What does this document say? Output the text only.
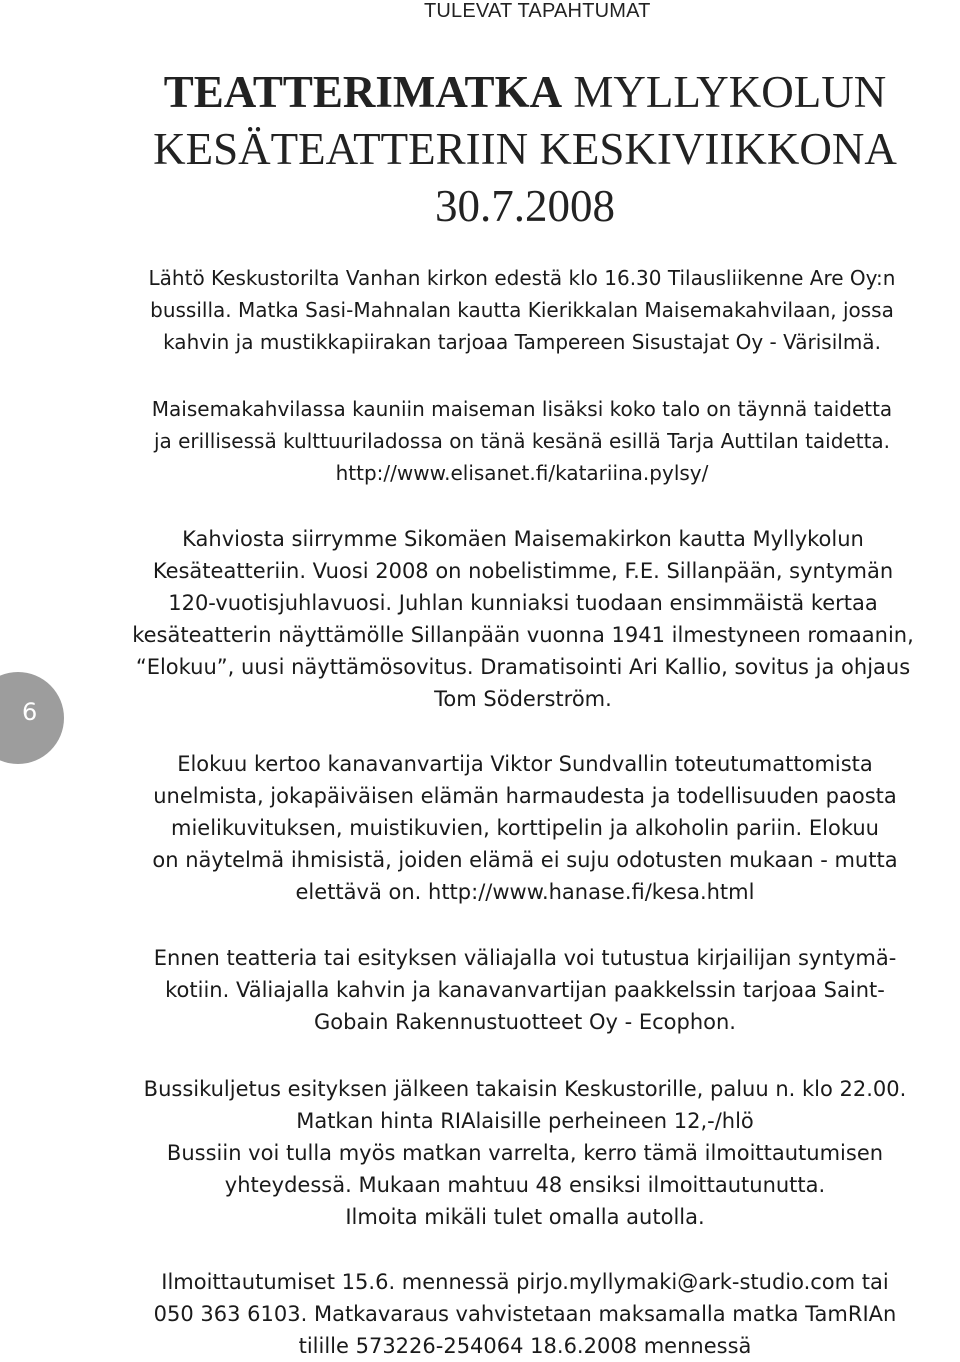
TULEVAT TAPAHTUMAT
TEATTERIMATKA MYLLYKOLUN
KESÄTEATTERIIN KESKIVIIKKONA
30.7.2008

Lähtö Keskustorilta Vanhan kirkon edestä klo 16.30 Tilausliikenne Are Oy:n
bussilla. Matka Sasi-Mahnalan kautta Kierikkalan Maisemakahvilaan, jossa
kahvin ja mustikkapiirakan tarjoaa Tampereen Sisustajat Oy - Värisilmä.

Maisemakahvilassa kauniin maiseman lisäksi koko talo on täynnä taidetta
ja erillisessä kulttuuriladossa on tänä kesänä esillä Tarja Auttilan taidetta.
http://www.elisanet.fi/katariina.pylsy/

Kahviosta siirrymme Sikomäen Maisemakirkon kautta Myllykolun
Kesäteatteriin. Vuosi 2008 on nobelistimme, F.E. Sillanpään, syntymän
120-vuotisjuhlavuosi. Juhlan kunniaksi tuodaan ensimmäistä kertaa
kesäteatterin näyttämölle Sillanpään vuonna 1941 ilmestyneen romaanin,
“Elokuu”, uusi näyttämösovitus. Dramatisointi Ari Kallio, sovitus ja ohjaus
Tom Söderström.

Elokuu kertoo kanavanvartija Viktor Sundvallin toteutumattomista
unelmista, jokapäiväisen elämän harmaudesta ja todellisuuden paosta
mielikuvituksen, muistikuvien, korttipelin ja alkoholin pariin. Elokuu
on näytelmä ihmisistä, joiden elämä ei suju odotusten mukaan - mutta
elettävä on. http://www.hanase.fi/kesa.html

Ennen teatteria tai esityksen väliajalla voi tutustua kirjailijan syntymä-
kotiin. Väliajalla kahvin ja kanavanvartijan paakkelssin tarjoaa Saint-
Gobain Rakennustuotteet Oy - Ecophon.

Bussikuljetus esityksen jälkeen takaisin Keskustorille, paluu n. klo 22.00.
Matkan hinta RIAlaisille perheineen 12,-/hlö
Bussiin voi tulla myös matkan varrelta, kerro tämä ilmoittautumisen
yhteydessä. Mukaan mahtuu 48 ensiksi ilmoittautunutta.
Ilmoita mikäli tulet omalla autolla.

Ilmoittautumiset 15.6. mennessä pirjo.myllymaki@ark-studio.com tai
050 363 6103. Matkavaraus vahvistetaan maksamalla matka TamRIAn
tilille 573226-254064 18.6.2008 mennessä

6
